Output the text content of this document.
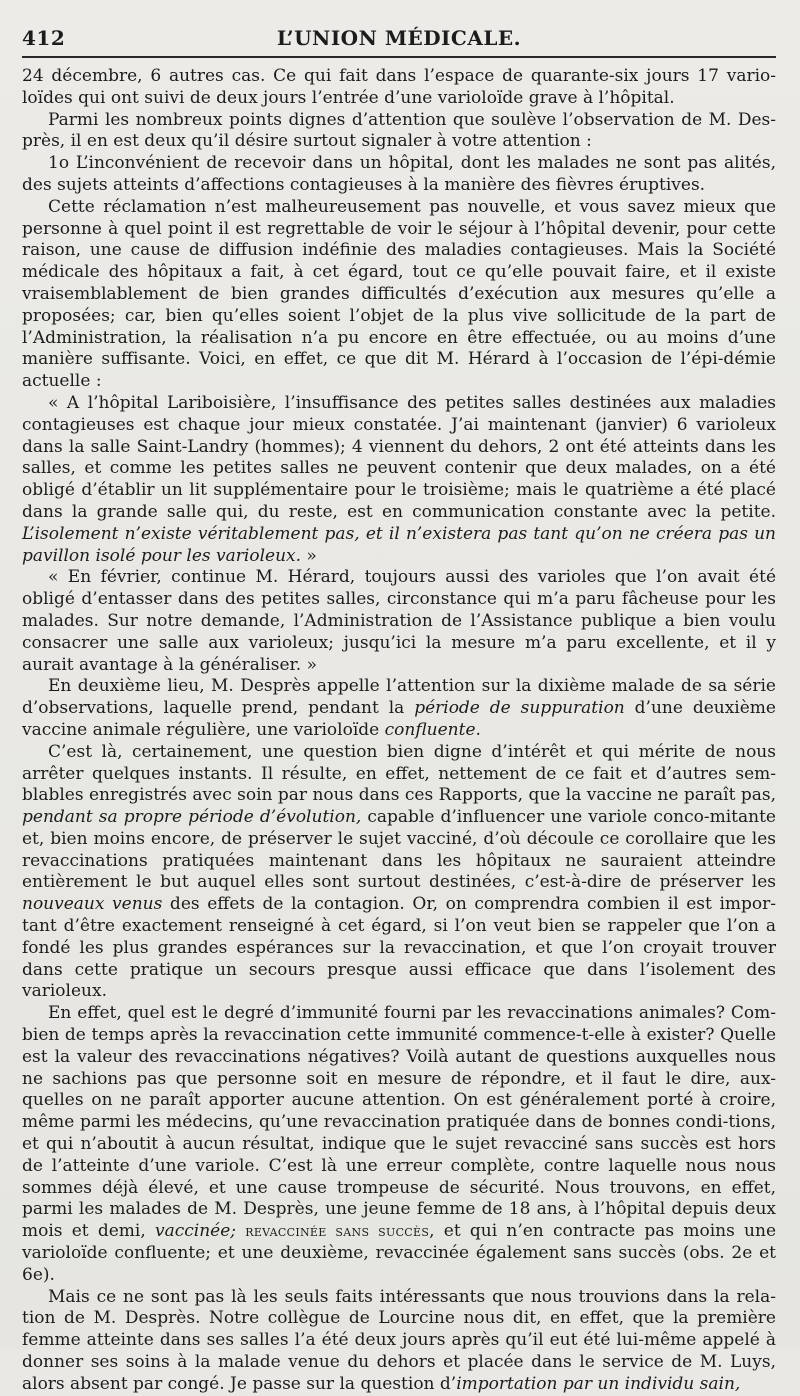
412	L’UNION MÉDICALE.

24 décembre, 6 autres cas. Ce qui fait dans l’espace de quarante-six jours 17 vario-loïdes qui ont suivi de deux jours l’entrée d’une varioloïde grave à l’hôpital.

Parmi les nombreux points dignes d’attention que soulève l’observation de M. Des-près, il en est deux qu’il désire surtout signaler à votre attention :

1o L’inconvénient de recevoir dans un hôpital, dont les malades ne sont pas alités, des sujets atteints d’affections contagieuses à la manière des fièvres éruptives.

Cette réclamation n’est malheureusement pas nouvelle, et vous savez mieux que personne à quel point il est regrettable de voir le séjour à l’hôpital devenir, pour cette raison, une cause de diffusion indéfinie des maladies contagieuses. Mais la Société médicale des hôpitaux a fait, à cet égard, tout ce qu’elle pouvait faire, et il existe vraisemblablement de bien grandes difficultés d’exécution aux mesures qu’elle a proposées; car, bien qu’elles soient l’objet de la plus vive sollicitude de la part de l’Administration, la réalisation n’a pu encore en être effectuée, ou au moins d’une manière suffisante. Voici, en effet, ce que dit M. Hérard à l’occasion de l’épi-démie actuelle :

« A l’hôpital Lariboisière, l’insuffisance des petites salles destinées aux maladies contagieuses est chaque jour mieux constatée. J’ai maintenant (janvier) 6 varioleux dans la salle Saint-Landry (hommes); 4 viennent du dehors, 2 ont été atteints dans les salles, et comme les petites salles ne peuvent contenir que deux malades, on a été obligé d’établir un lit supplémentaire pour le troisième; mais le quatrième a été placé dans la grande salle qui, du reste, est en communication constante avec la petite. L’isolement n’existe véritablement pas, et il n’existera pas tant qu’on ne créera pas un pavillon isolé pour les varioleux. »

« En février, continue M. Hérard, toujours aussi des varioles que l’on avait été obligé d’entasser dans des petites salles, circonstance qui m’a paru fâcheuse pour les malades. Sur notre demande, l’Administration de l’Assistance publique a bien voulu consacrer une salle aux varioleux; jusqu’ici la mesure m’a paru excellente, et il y aurait avantage à la généraliser. »

En deuxième lieu, M. Desprès appelle l’attention sur la dixième malade de sa série d’observations, laquelle prend, pendant la période de suppuration d’une deuxième vaccine animale régulière, une varioloïde confluente.

C’est là, certainement, une question bien digne d’intérêt et qui mérite de nous arrêter quelques instants. Il résulte, en effet, nettement de ce fait et d’autres sem-blables enregistrés avec soin par nous dans ces Rapports, que la vaccine ne paraît pas, pendant sa propre période d’évolution, capable d’influencer une variole conco-mitante et, bien moins encore, de préserver le sujet vacciné, d’où découle ce corollaire que les revaccinations pratiquées maintenant dans les hôpitaux ne sauraient atteindre entièrement le but auquel elles sont surtout destinées, c’est-à-dire de préserver les nouveaux venus des effets de la contagion. Or, on comprendra combien il est impor-tant d’être exactement renseigné à cet égard, si l’on veut bien se rappeler que l’on a fondé les plus grandes espérances sur la revaccination, et que l’on croyait trouver dans cette pratique un secours presque aussi efficace que dans l’isolement des varioleux.

En effet, quel est le degré d’immunité fourni par les revaccinations animales? Com-bien de temps après la revaccination cette immunité commence-t-elle à exister? Quelle est la valeur des revaccinations négatives? Voilà autant de questions auxquelles nous ne sachions pas que personne soit en mesure de répondre, et il faut le dire, aux-quelles on ne paraît apporter aucune attention. On est généralement porté à croire, même parmi les médecins, qu’une revaccination pratiquée dans de bonnes condi-tions, et qui n’aboutit à aucun résultat, indique que le sujet revacciné sans succès est hors de l’atteinte d’une variole. C’est là une erreur complète, contre laquelle nous nous sommes déjà élevé, et une cause trompeuse de sécurité. Nous trouvons, en effet, parmi les malades de M. Desprès, une jeune femme de 18 ans, à l’hôpital depuis deux mois et demi, vaccinée; revaccinée sans succès, et qui n’en contracte pas moins une varioloïde confluente; et une deuxième, revaccinée également sans succès (obs. 2e et 6e).

Mais ce ne sont pas là les seuls faits intéressants que nous trouvions dans la rela-tion de M. Desprès. Notre collègue de Lourcine nous dit, en effet, que la première femme atteinte dans ses salles l’a été deux jours après qu’il eut été lui-même appelé à donner ses soins à la malade venue du dehors et placée dans le service de M. Luys, alors absent par congé. Je passe sur la question d’importation par un individu sain,
